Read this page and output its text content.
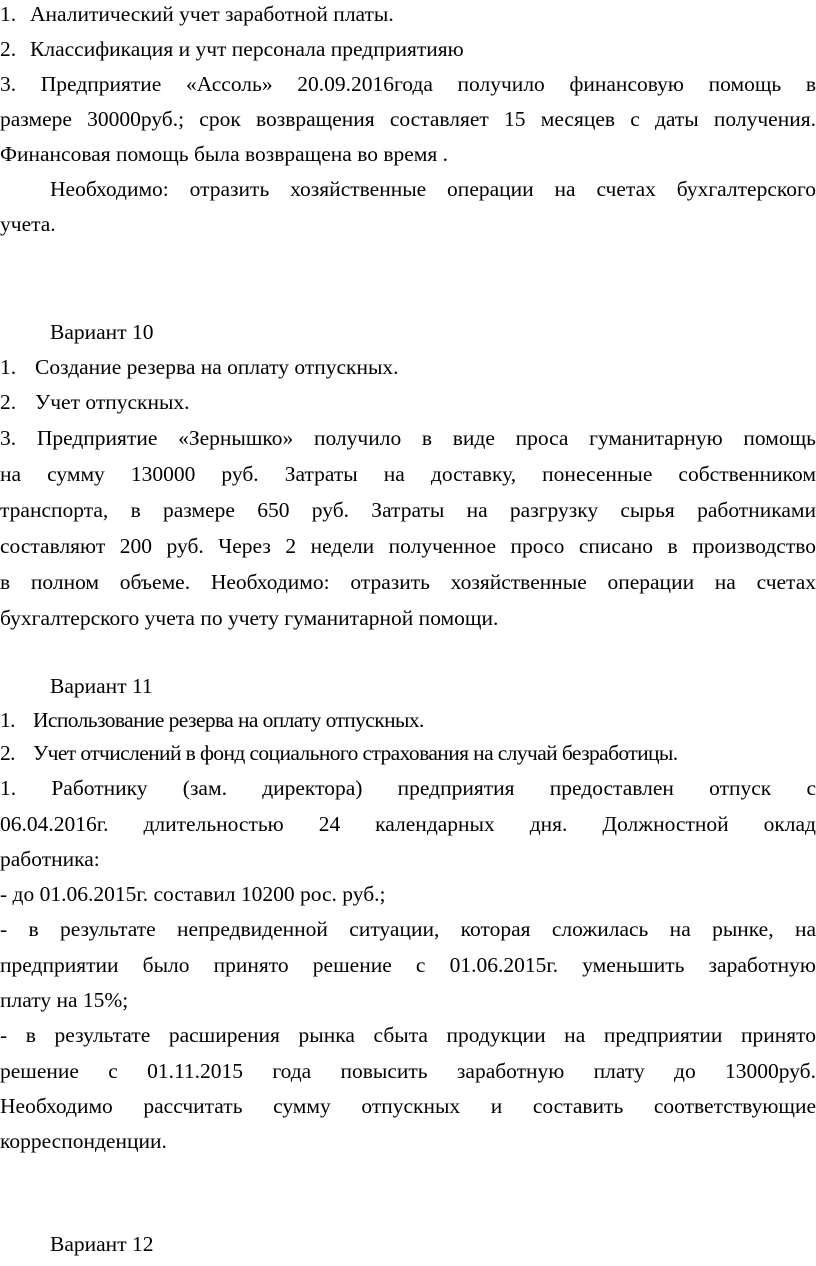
1. Аналитический учет заработной платы.
2. Классификация и учт персонала предприятияю
3. Предприятие «Ассоль» 20.09.2016года получило финансовую помощь в
размере 30000руб.; срок возвращения составляет 15 месяцев с даты получения.
Финансовая помощь была возвращена во время .
Необходимо: отразить хозяйственные операции на счетах бухгалтерского
учета.
Вариант 10
1. Создание резерва на оплату отпускных.
2. Учет отпускных.
3. Предприятие «Зернышко» получило в виде проса гуманитарную помощь
на сумму 130000 руб. Затраты на доставку, понесенные собственником
транспорта, в размере 650 руб. Затраты на разгрузку сырья работниками
составляют 200 руб. Через 2 недели полученное просо списано в производство
в полном объеме. Необходимо: отразить хозяйственные операции на счетах
бухгалтерского учета по учету гуманитарной помощи.
Вариант 11
1. Использование резерва на оплату отпускных.
2. Учет отчислений в фонд социального страхования на случай безработицы.
1. Работнику (зам. директора) предприятия предоставлен отпуск с
06.04.2016г. длительностью 24 календарных дня. Должностной оклад
работника:
- до 01.06.2015г. составил 10200 рос. руб.;
- в результате непредвиденной ситуации, которая сложилась на рынке, на
предприятии было принято решение с 01.06.2015г. уменьшить заработную
плату на 15%;
- в результате расширения рынка сбыта продукции на предприятии принято
решение с 01.11.2015 года повысить заработную плату до 13000руб.
Необходимо рассчитать сумму отпускных и составить соответствующие
корреспонденции.
Вариант 12
